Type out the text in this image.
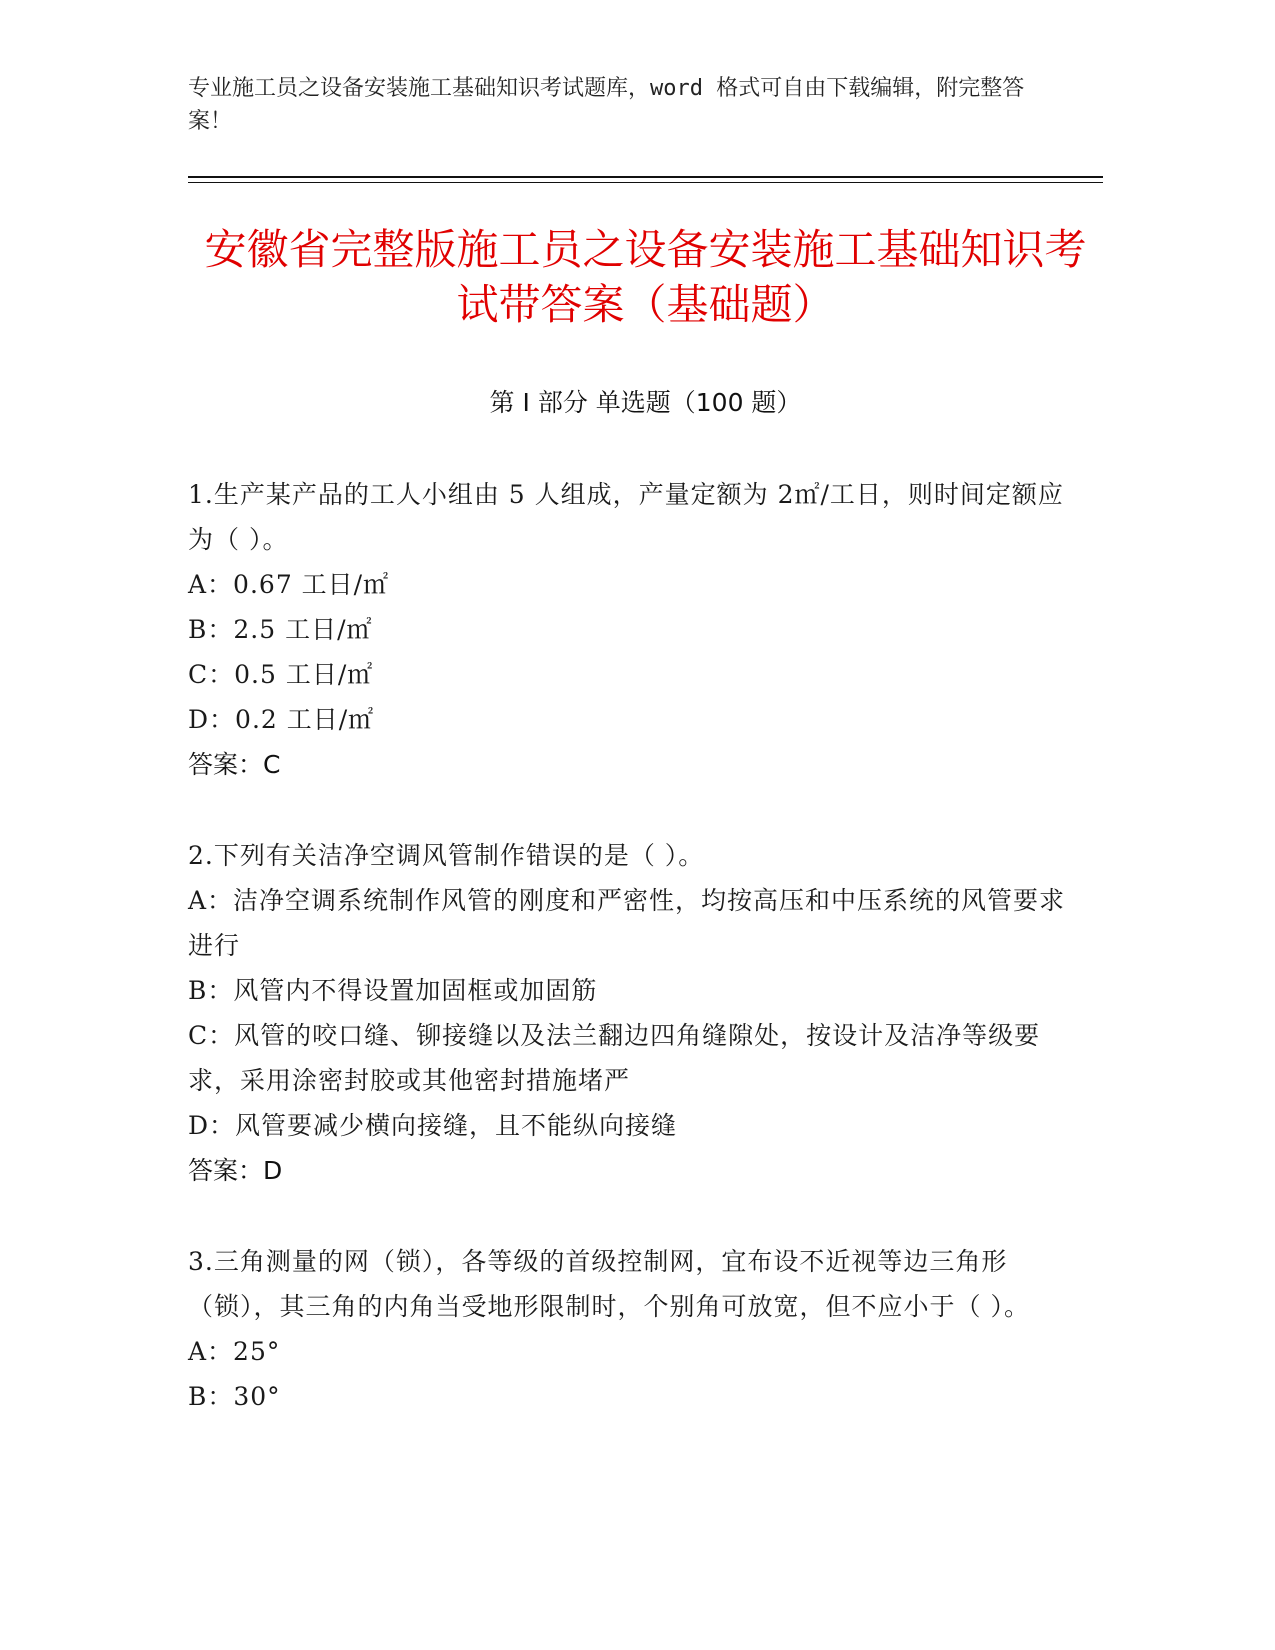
专业施工员之设备安装施工基础知识考试题库，word 格式可自由下载编辑，附完整答案！
安徽省完整版施工员之设备安装施工基础知识考试带答案（基础题）
第 I 部分 单选题（100 题）
1.生产某产品的工人小组由 5 人组成，产量定额为 2㎡/工日，则时间定额应为（ ）。
A：0.67 工日/㎡
B：2.5 工日/㎡
C：0.5 工日/㎡
D：0.2 工日/㎡
答案：C
2.下列有关洁净空调风管制作错误的是（ ）。
A：洁净空调系统制作风管的刚度和严密性，均按高压和中压系统的风管要求进行
B：风管内不得设置加固框或加固筋
C：风管的咬口缝、铆接缝以及法兰翻边四角缝隙处，按设计及洁净等级要求，采用涂密封胶或其他密封措施堵严
D：风管要减少横向接缝，且不能纵向接缝
答案：D
3.三角测量的网（锁），各等级的首级控制网，宜布设不近视等边三角形（锁），其三角的内角当受地形限制时，个别角可放宽，但不应小于（ ）。
A：25°
B：30°
